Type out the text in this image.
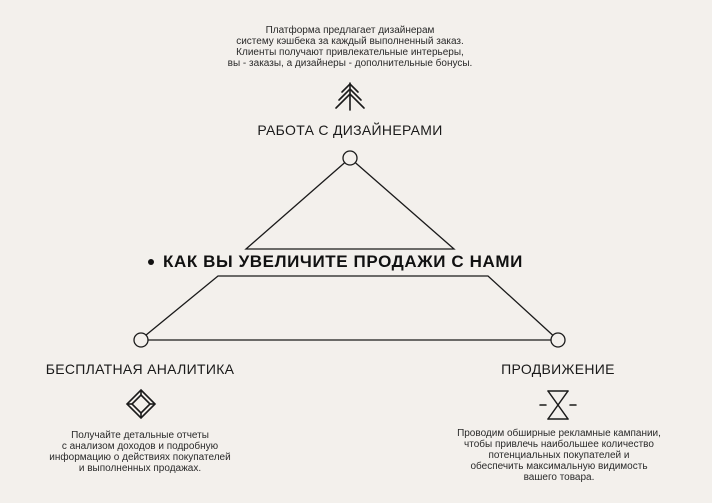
Платформа предлагает дизайнерам
систему кэшбека за каждый выполненный заказ.
Клиенты получают привлекательные интерьеры,
вы - заказы, а дизайнеры - дополнительные бонусы.
РАБОТА С ДИЗАЙНЕРАМИ
КАК ВЫ УВЕЛИЧИТЕ ПРОДАЖИ С НАМИ
БЕСПЛАТНАЯ АНАЛИТИКА
Получайте детальные отчеты
с анализом доходов и подробную
информацию о действиях покупателей
и выполненных продажах.
ПРОДВИЖЕНИЕ
Проводим обширные рекламные кампании,
чтобы привлечь наибольшее количество
потенциальных покупателей и
обеспечить максимальную видимость
вашего товара.
